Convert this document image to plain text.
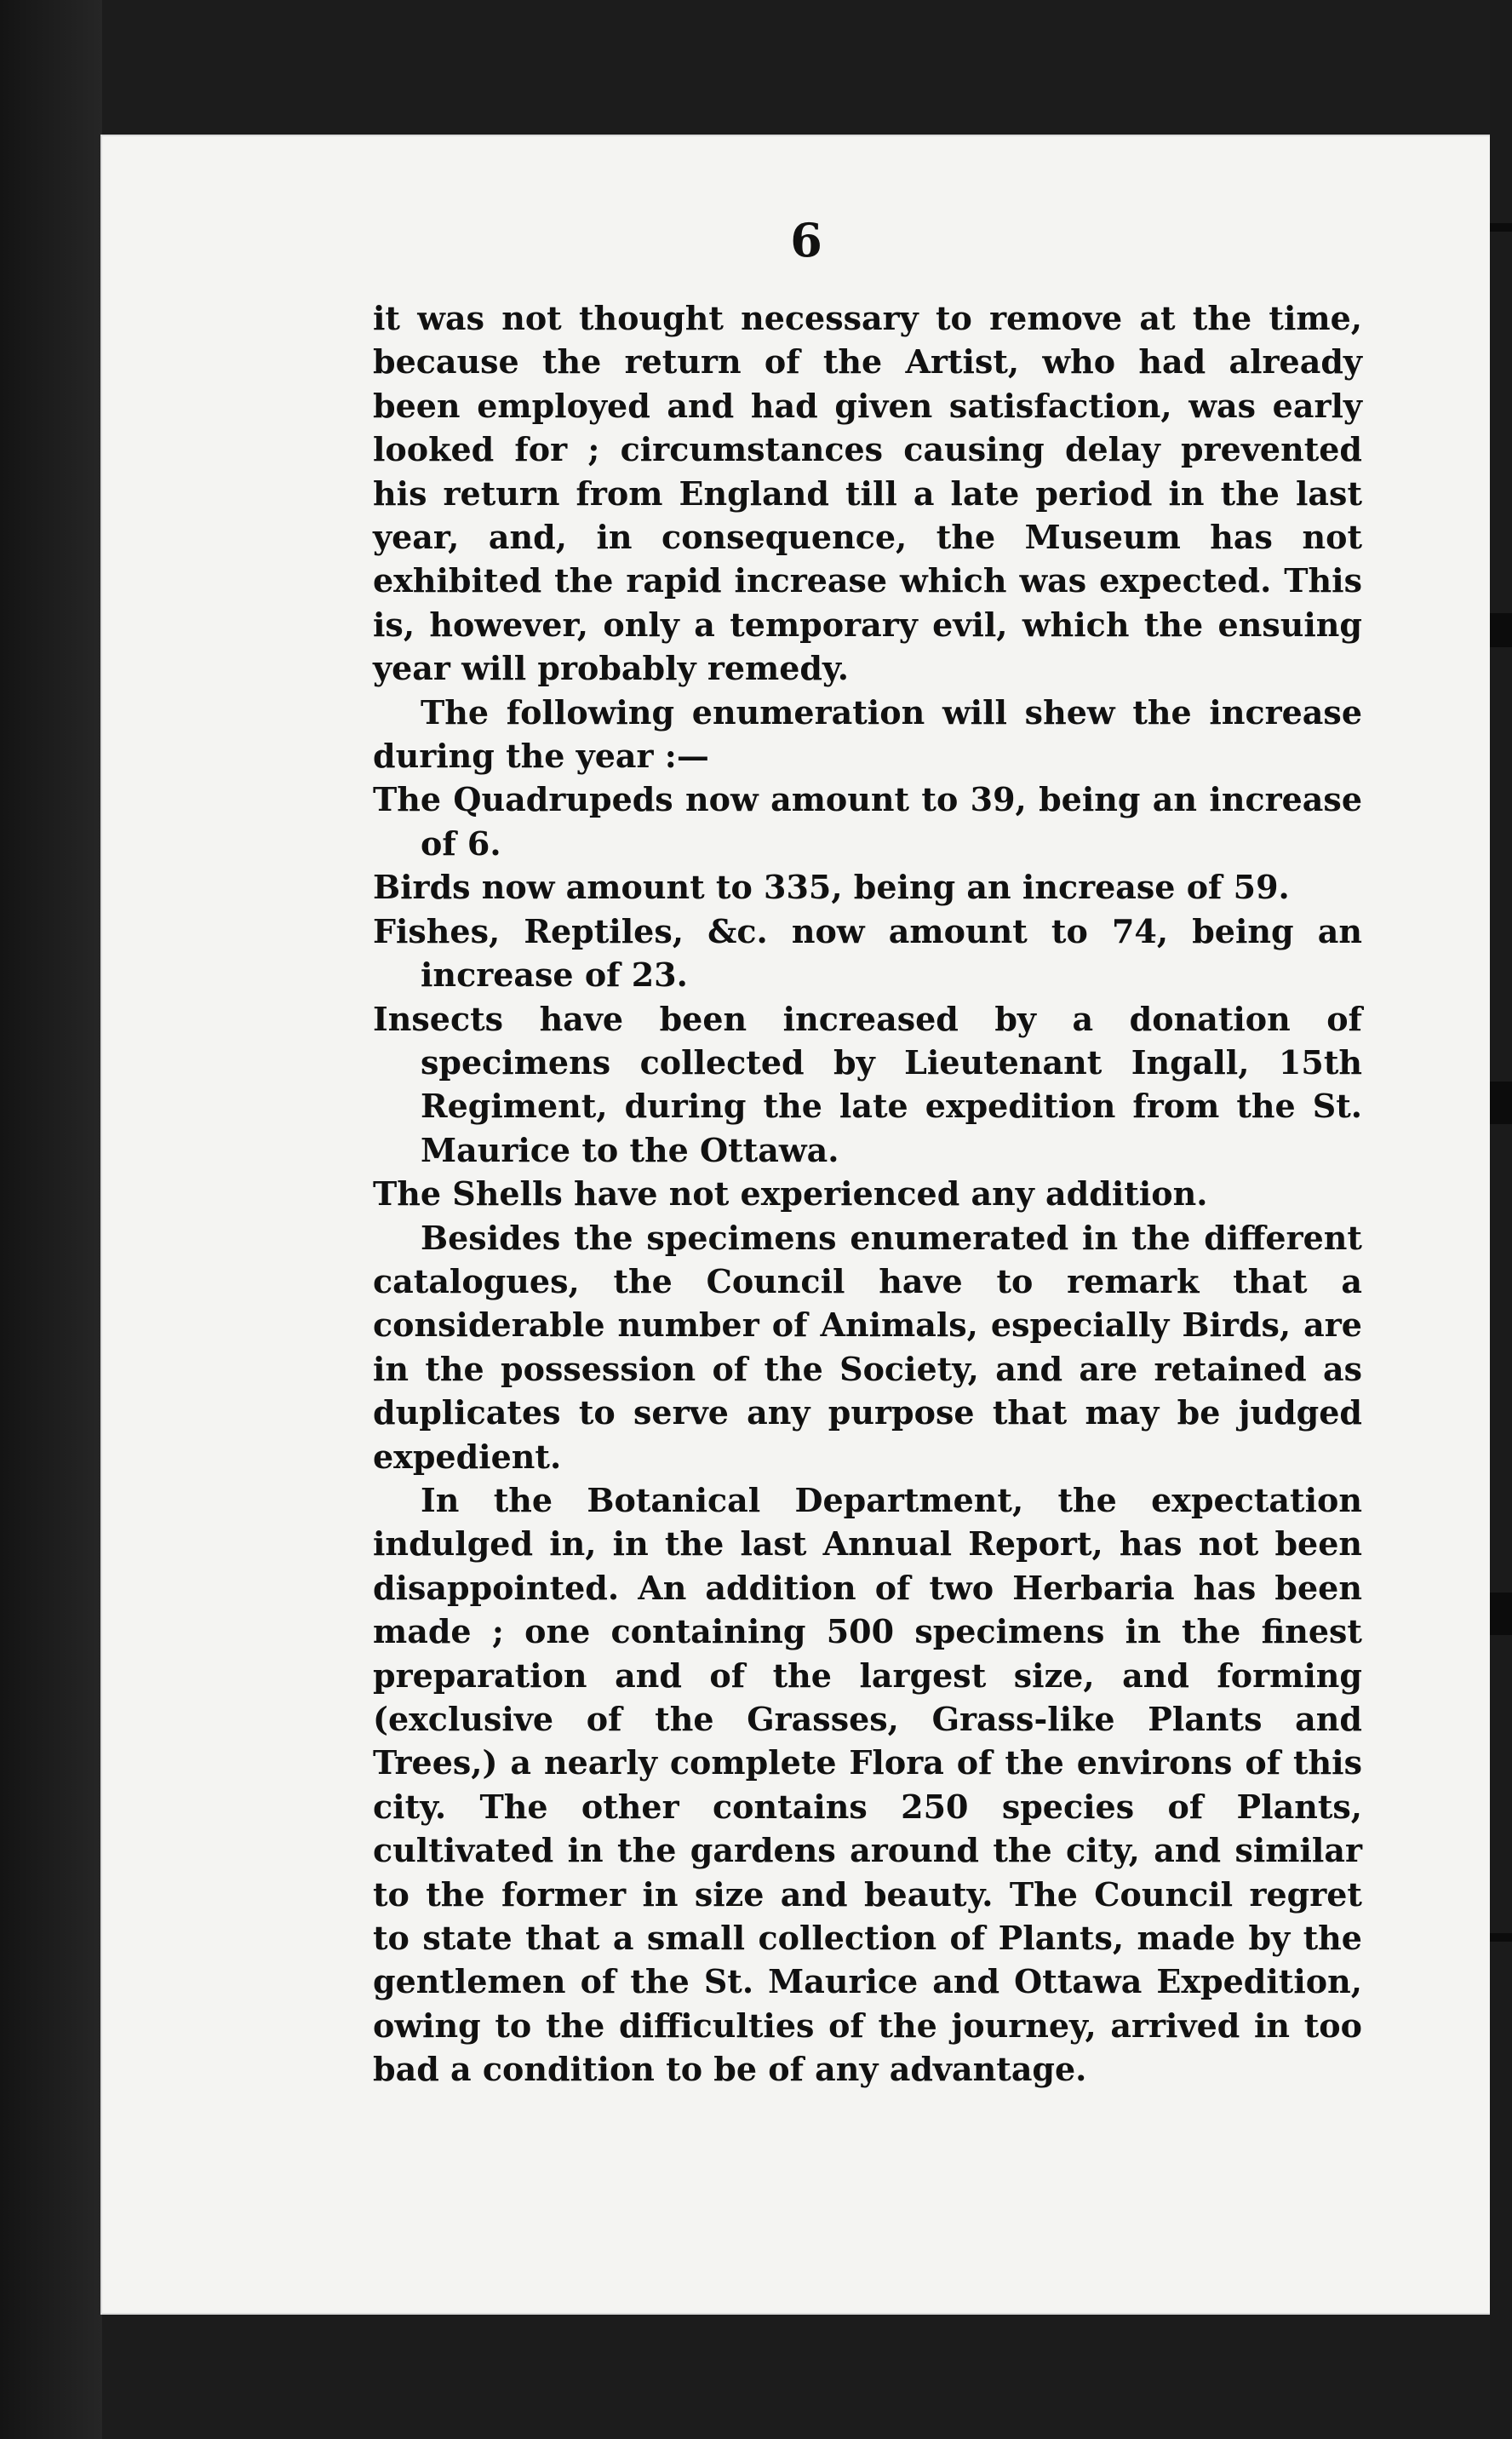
6

it was not thought necessary to remove at the time, because the return of the Artist, who had already been employed and had given satisfaction, was early looked for ; circumstances causing delay prevented his return from England till a late period in the last year, and, in consequence, the Museum has not exhibited the rapid increase which was expected. This is, however, only a temporary evil, which the ensuing year will probably remedy.

The following enumeration will shew the increase during the year :—

The Quadrupeds now amount to 39, being an increase of 6.

Birds now amount to 335, being an increase of 59.

Fishes, Reptiles, &c. now amount to 74, being an increase of 23.

Insects have been increased by a donation of specimens collected by Lieutenant Ingall, 15th Regiment, during the late expedition from the St. Maurice to the Ottawa.

The Shells have not experienced any addition.

Besides the specimens enumerated in the different catalogues, the Council have to remark that a considerable number of Animals, especially Birds, are in the possession of the Society, and are retained as duplicates to serve any purpose that may be judged expedient.

In the Botanical Department, the expectation indulged in, in the last Annual Report, has not been disappointed. An addition of two Herbaria has been made ; one containing 500 specimens in the finest preparation and of the largest size, and forming (exclusive of the Grasses, Grass-like Plants and Trees,) a nearly complete Flora of the environs of this city. The other contains 250 species of Plants, cultivated in the gardens around the city, and similar to the former in size and beauty. The Council regret to state that a small collection of Plants, made by the gentlemen of the St. Maurice and Ottawa Expedition, owing to the difficulties of the journey, arrived in too bad a condition to be of any advantage.
